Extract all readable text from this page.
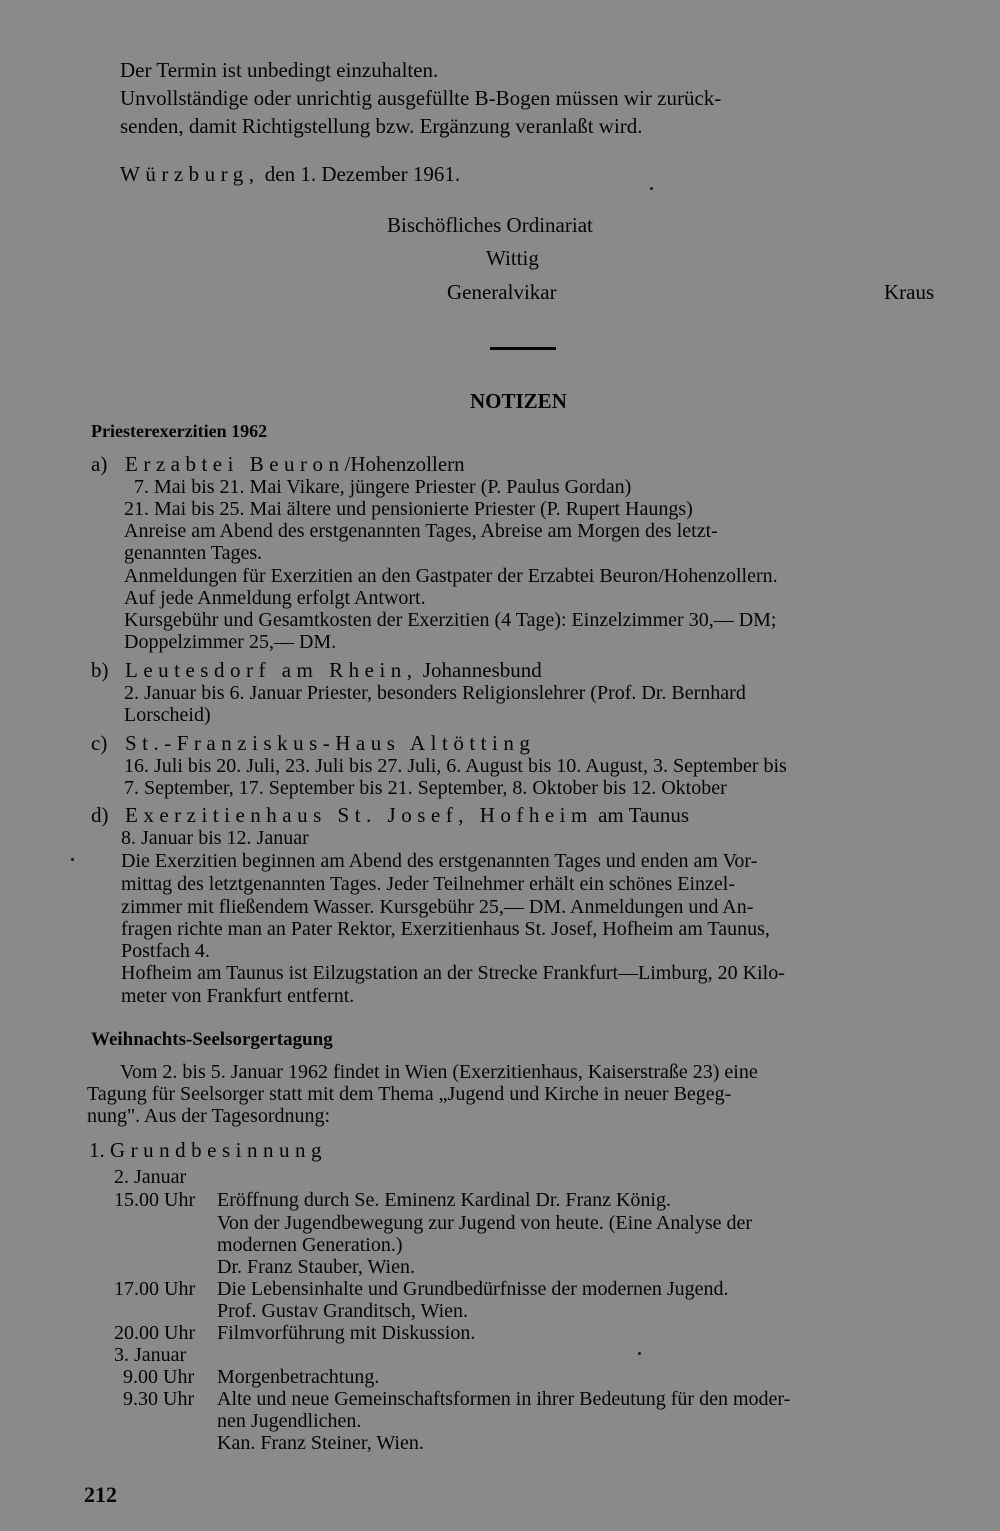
Der Termin ist unbedingt einzuhalten.
Unvollständige oder unrichtig ausgefüllte B-Bogen müssen wir zurück-
senden, damit Richtigstellung bzw. Ergänzung veranlaßt wird.
Würzburg, den 1. Dezember 1961.
Bischöfliches Ordinariat
Wittig
Generalvikar	Kraus
NOTIZEN
Priesterexerzitien 1962
a) Erzabtei Beuron/Hohenzollern
7. Mai bis 21. Mai Vikare, jüngere Priester (P. Paulus Gordan)
21. Mai bis 25. Mai ältere und pensionierte Priester (P. Rupert Haungs)
Anreise am Abend des erstgenannten Tages, Abreise am Morgen des letzt-
genannten Tages.
Anmeldungen für Exerzitien an den Gastpater der Erzabtei Beuron/Hohenzollern.
Auf jede Anmeldung erfolgt Antwort.
Kursgebühr und Gesamtkosten der Exerzitien (4 Tage): Einzelzimmer 30,— DM;
Doppelzimmer 25,— DM.
b) Leutesdorf am Rhein, Johannesbund
2. Januar bis 6. Januar Priester, besonders Religionslehrer (Prof. Dr. Bernhard
Lorscheid)
c) St.-Franziskus-Haus Altötting
16. Juli bis 20. Juli, 23. Juli bis 27. Juli, 6. August bis 10. August, 3. September bis
7. September, 17. September bis 21. September, 8. Oktober bis 12. Oktober
d) Exerzitienhaus St. Josef, Hofheim am Taunus
8. Januar bis 12. Januar
Die Exerzitien beginnen am Abend des erstgenannten Tages und enden am Vor-
mittag des letztgenannten Tages. Jeder Teilnehmer erhält ein schönes Einzel-
zimmer mit fließendem Wasser. Kursgebühr 25,— DM. Anmeldungen und An-
fragen richte man an Pater Rektor, Exerzitienhaus St. Josef, Hofheim am Taunus,
Postfach 4.
Hofheim am Taunus ist Eilzugstation an der Strecke Frankfurt—Limburg, 20 Kilo-
meter von Frankfurt entfernt.
Weihnachts-Seelsorgertagung
Vom 2. bis 5. Januar 1962 findet in Wien (Exerzitienhaus, Kaiserstraße 23) eine
Tagung für Seelsorger statt mit dem Thema „Jugend und Kirche in neuer Begeg-
nung". Aus der Tagesordnung:
1. Grundbesinnung
2. Januar
15.00 Uhr Eröffnung durch Se. Eminenz Kardinal Dr. Franz König.
Von der Jugendbewegung zur Jugend von heute. (Eine Analyse der
modernen Generation.)
Dr. Franz Stauber, Wien.
17.00 Uhr Die Lebensinhalte und Grundbedürfnisse der modernen Jugend.
Prof. Gustav Granditsch, Wien.
20.00 Uhr Filmvorführung mit Diskussion.
3. Januar
9.00 Uhr Morgenbetrachtung.
9.30 Uhr Alte und neue Gemeinschaftsformen in ihrer Bedeutung für den moder-
nen Jugendlichen.
Kan. Franz Steiner, Wien.
212
